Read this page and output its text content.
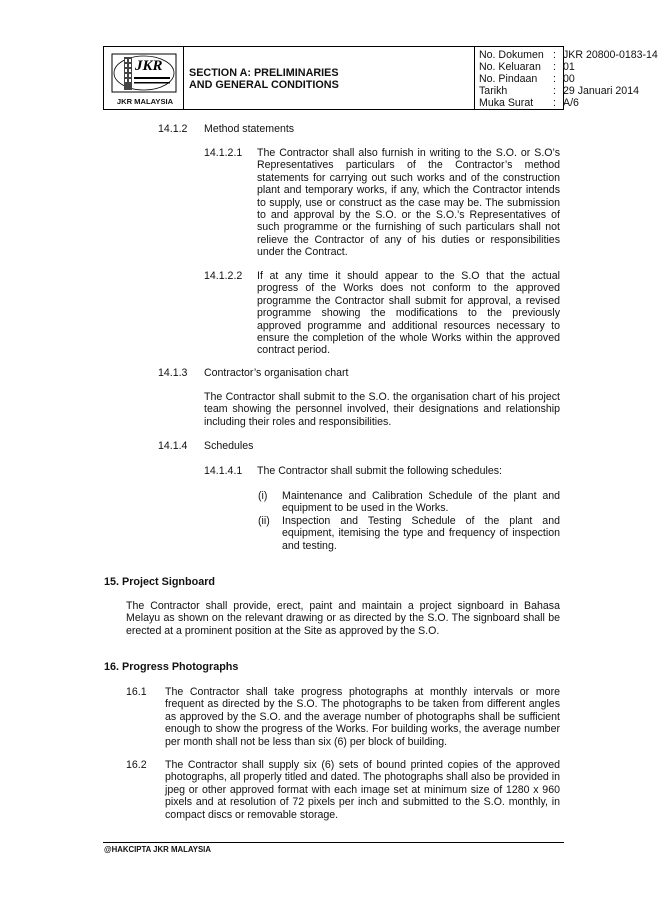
JKR
JKR MALAYSIA
SECTION A: PRELIMINARIES
AND GENERAL CONDITIONS
No. Dokumen : JKR 20800-0183-14
No. Keluaran : 01
No. Pindaan : 00
Tarikh	: 29 Januari 2014
Muka Surat : A/6
14.1.2 Method statements
14.1.2.1 The Contractor shall also furnish in writing to the S.O. or S.O’s Representatives particulars of the Contractor’s method statements for carrying out such works and of the construction plant and temporary works, if any, which the Contractor intends to supply, use or construct as the case may be. The submission to and approval by the S.O. or the S.O.’s Representatives of such programme or the furnishing of such particulars shall not relieve the Contractor of any of his duties or responsibilities under the Contract.
14.1.2.2 If at any time it should appear to the S.O that the actual progress of the Works does not conform to the approved programme the Contractor shall submit for approval, a revised programme showing the modifications to the previously approved programme and additional resources necessary to ensure the completion of the whole Works within the approved contract period.
14.1.3 Contractor’s organisation chart
The Contractor shall submit to the S.O. the organisation chart of his project team showing the personnel involved, their designations and relationship including their roles and responsibilities.
14.1.4 Schedules
14.1.4.1 The Contractor shall submit the following schedules:
(i) Maintenance and Calibration Schedule of the plant and equipment to be used in the Works.
(ii) Inspection and Testing Schedule of the plant and equipment, itemising the type and frequency of inspection and testing.
15. Project Signboard
The Contractor shall provide, erect, paint and maintain a project signboard in Bahasa Melayu as shown on the relevant drawing or as directed by the S.O. The signboard shall be erected at a prominent position at the Site as approved by the S.O.
16. Progress Photographs
16.1 The Contractor shall take progress photographs at monthly intervals or more frequent as directed by the S.O. The photographs to be taken from different angles as approved by the S.O. and the average number of photographs shall be sufficient enough to show the progress of the Works. For building works, the average number per month shall not be less than six (6) per block of building.
16.2 The Contractor shall supply six (6) sets of bound printed copies of the approved photographs, all properly titled and dated. The photographs shall also be provided in jpeg or other approved format with each image set at minimum size of 1280 x 960 pixels and at resolution of 72 pixels per inch and submitted to the S.O. monthly, in compact discs or removable storage.
@HAKCIPTA JKR MALAYSIA
